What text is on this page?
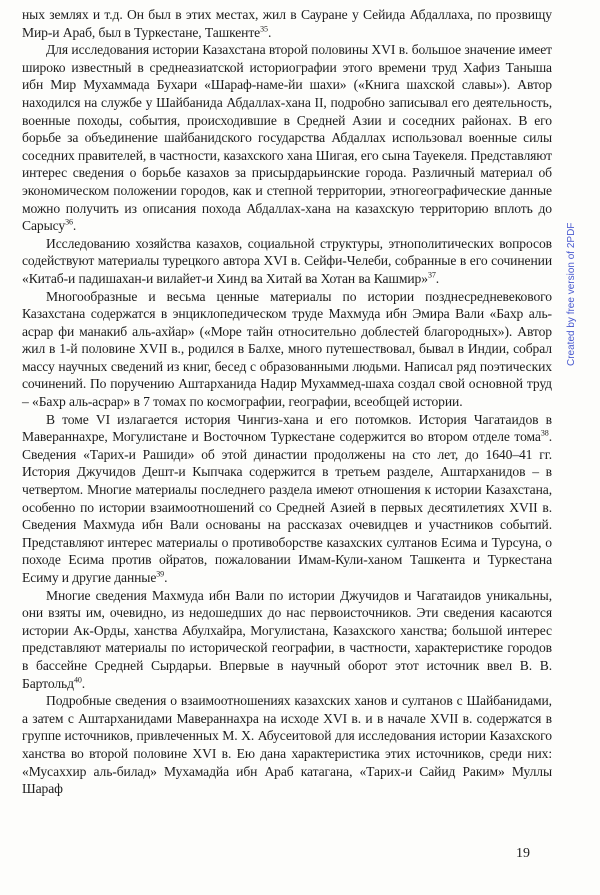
ных землях и т.д. Он был в этих местах, жил в Сауране у Сейида Абдаллаха, по прозвищу Мир-и Араб, был в Туркестане, Ташкенте$^{35}$.

Для исследования истории Казахстана второй половины XVI в. большое значение имеет широко известный в среднеазиатской историографии этого времени труд Хафиз Таныша ибн Мир Мухаммада Бухари «Шараф-наме-йи шахи» («Книга шахской славы»). Автор находился на службе у Шайбанида Абдаллах-хана II, подробно записывал его деятельность, военные походы, события, происходившие в Средней Азии и соседних районах. В его борьбе за объединение шайбанидского государства Абдаллах использовал военные силы соседних правителей, в частности, казахского хана Шигая, его сына Тауекеля. Представляют интерес сведения о борьбе казахов за присырдарьинские города. Различный материал об экономическом положении городов, как и степной территории, этногеографические данные можно получить из описания похода Абдаллах-хана на казахскую территорию вплоть до Сарысу$^{36}$.

Исследованию хозяйства казахов, социальной структуры, этнополитических вопросов содействуют материалы турецкого автора XVI в. Сейфи-Челеби, собранные в его сочинении «Китаб-и падишахан-и вилайет-и Хинд ва Хитай ва Хотан ва Кашмир»$^{37}$.

Многообразные и весьма ценные материалы по истории позднесредневекового Казахстана содержатся в энциклопедическом труде Махмуда ибн Эмира Вали «Бахр аль-асрар фи манакиб аль-ахйар» («Море тайн относительно доблестей благородных»). Автор жил в 1-й половине XVII в., родился в Балхе, много путешествовал, бывал в Индии, собрал массу научных сведений из книг, бесед с образованными людьми. Написал ряд поэтических сочинений. По поручению Аштарханида Надир Мухаммед-шаха создал свой основной труд – «Бахр аль-асрар» в 7 томах по космографии, географии, всеобщей истории.

В томе VI излагается история Чингиз-хана и его потомков. История Чагатаидов в Мавераннахре, Могулистане и Восточном Туркестане содержится во втором отделе тома$^{38}$. Сведения «Тарих-и Рашиди» об этой династии продолжены на сто лет, до 1640–41 гг. История Джучидов Дешт-и Кыпчака содержится в третьем разделе, Аштарханидов – в четвертом. Многие материалы последнего раздела имеют отношения к истории Казахстана, особенно по истории взаимоотношений со Средней Азией в первых десятилетиях XVII в. Сведения Махмуда ибн Вали основаны на рассказах очевидцев и участников событий. Представляют интерес материалы о противоборстве казахских султанов Есима и Турсуна, о походе Есима против ойратов, пожаловании Имам-Кули-ханом Ташкента и Туркестана Есиму и другие данные$^{39}$.

Многие сведения Махмуда ибн Вали по истории Джучидов и Чагатаидов уникальны, они взяты им, очевидно, из недошедших до нас первоисточников. Эти сведения касаются истории Ак-Орды, ханства Абулхайра, Могулистана, Казахского ханства; большой интерес представляют материалы по исторической географии, в частности, характеристике городов в бассейне Средней Сырдарьи. Впервые в научный оборот этот источник ввел В. В. Бартольд$^{40}$.

Подробные сведения о взаимоотношениях казахских ханов и султанов с Шайбанидами, а затем с Аштарханидами Мавераннахра на исходе XVI в. и в начале XVII в. содержатся в группе источников, привлеченных М. Х. Абусеитовой для исследования истории Казахского ханства во второй половине XVI в. Ею дана характеристика этих источников, среди них: «Мусаххир аль-билад» Мухамадйа ибн Араб катагана, «Тарих-и Сайид Раким» Муллы Шараф

Created by free version of 2PDF
19
